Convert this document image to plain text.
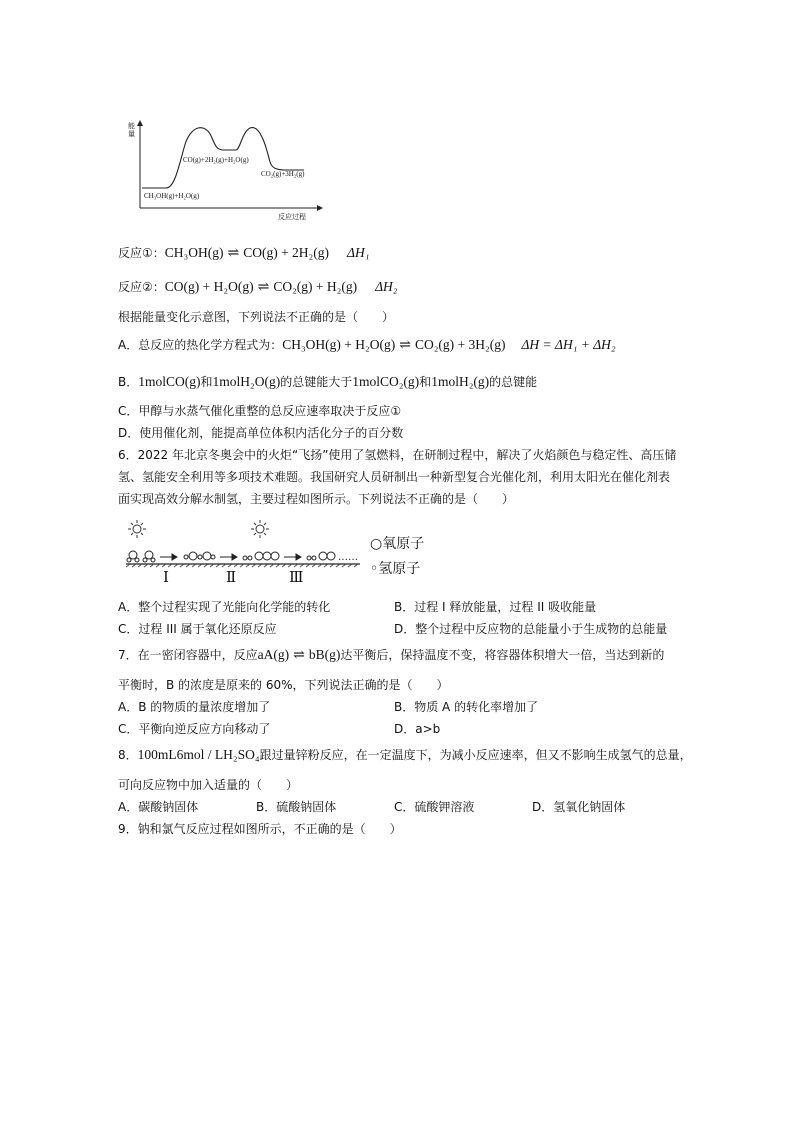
能量
CO(g)+2H₂(g)+H₂O(g)
CO₂(g)+3H₂(g)
CH₃OH(g)+H₂O(g)
反应过程
反应①：CH₃OH(g) ⇌ CO(g) + 2H₂(g) ΔH₁
反应②：CO(g) + H₂O(g) ⇌ CO₂(g) + H₂(g) ΔH₂
根据能量变化示意图，下列说法不正确的是（　　）
A．总反应的热化学方程式为：CH₃OH(g) + H₂O(g) ⇌ CO₂(g) + 3H₂(g) ΔH = ΔH₁ + ΔH₂
B．1molCO(g)和1molH₂O(g)的总键能大于1molCO₂(g)和1molH₂(g)的总键能
C．甲醇与水蒸气催化重整的总反应速率取决于反应①
D．使用催化剂，能提高单位体积内活化分子的百分数
6．2022 年北京冬奥会中的火炬“飞扬”使用了氢燃料，在研制过程中，解决了火焰颜色与稳定性、高压储
氢、氢能安全利用等多项技术难题。我国研究人员研制出一种新型复合光催化剂，利用太阳光在催化剂表
面实现高效分解水制氢，主要过程如图所示。下列说法不正确的是（　　）
……
Ⅰ	Ⅱ	Ⅲ
○氧原子
◦氢原子
A．整个过程实现了光能向化学能的转化	B．过程 I 释放能量，过程 II 吸收能量
C．过程 III 属于氧化还原反应	D．整个过程中反应物的总能量小于生成物的总能量
7．在一密闭容器中，反应aA(g) ⇌ bB(g)达平衡后，保持温度不变，将容器体积增大一倍，当达到新的
平衡时，B 的浓度是原来的 60%，下列说法正确的是（　　）
A．B 的物质的量浓度增加了	B．物质 A 的转化率增加了
C．平衡向逆反应方向移动了	D．a>b
8．100mL6mol / LH₂SO₄跟过量锌粉反应，在一定温度下，为减小反应速率，但又不影响生成氢气的总量，
可向反应物中加入适量的（　　）
A．碳酸钠固体	B．硫酸钠固体	C．硫酸钾溶液	D．氢氧化钠固体
9．钠和氯气反应过程如图所示，不正确的是（　　）
